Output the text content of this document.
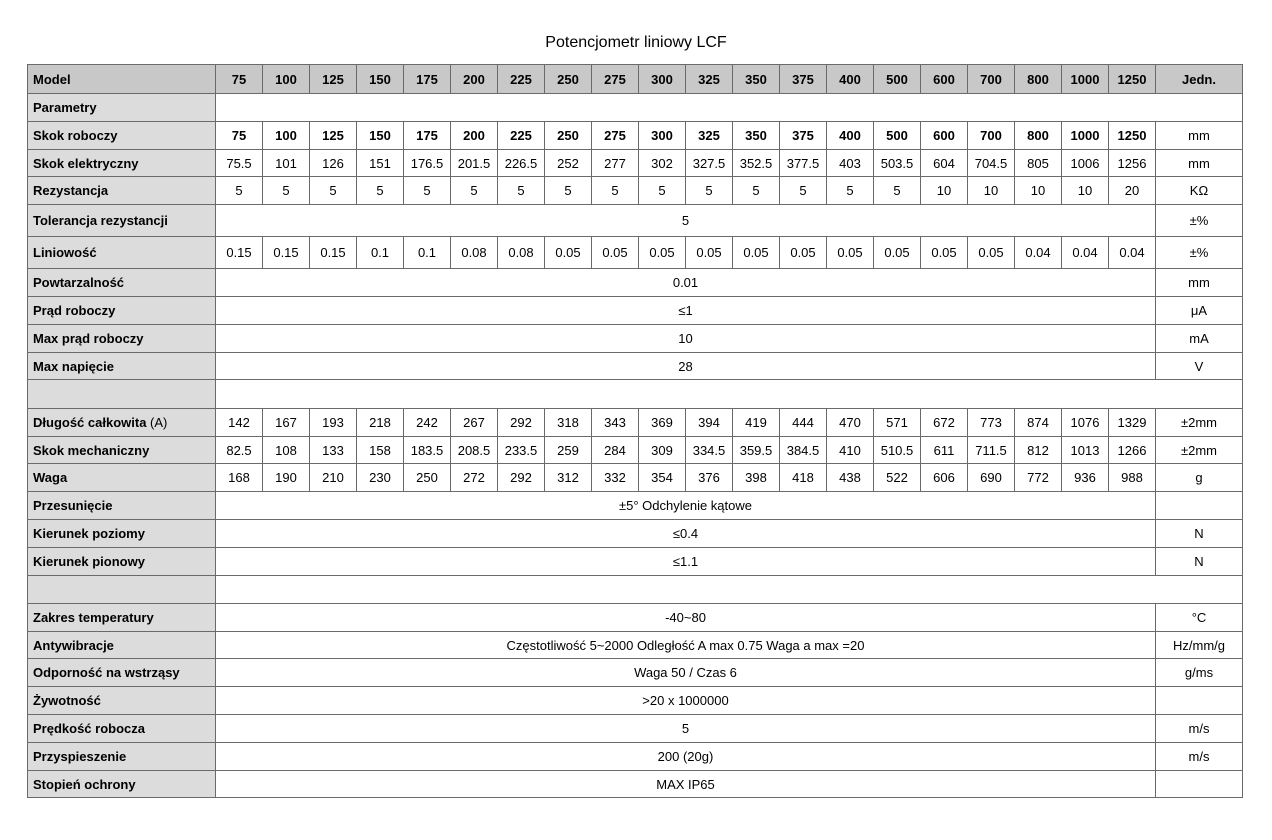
Potencjometr liniowy LCF
Model	75	100	125	150	175	200	225	250	275	300	325	350	375	400	500	600	700	800	1000	1250	Jedn.
Parametry																					
Skok roboczy	75	100	125	150	175	200	225	250	275	300	325	350	375	400	500	600	700	800	1000	1250	mm
Skok elektryczny	75.5	101	126	151	176.5	201.5	226.5	252	277	302	327.5	352.5	377.5	403	503.5	604	704.5	805	1006	1256	mm
Rezystancja	5	5	5	5	5	5	5	5	5	5	5	5	5	5	5	10	10	10	10	20	KΩ
Tolerancja rezystancji	5																				±%
Liniowość	0.15	0.15	0.15	0.1	0.1	0.08	0.08	0.05	0.05	0.05	0.05	0.05	0.05	0.05	0.05	0.05	0.05	0.04	0.04	0.04	±%
Powtarzalność	0.01																				mm
Prąd roboczy	≤1																				μA
Max prąd roboczy	10																				mA
Max napięcie	28																				V

Długość całkowita (A)	142	167	193	218	242	267	292	318	343	369	394	419	444	470	571	672	773	874	1076	1329	±2mm
Skok mechaniczny	82.5	108	133	158	183.5	208.5	233.5	259	284	309	334.5	359.5	384.5	410	510.5	611	711.5	812	1013	1266	±2mm
Waga	168	190	210	230	250	272	292	312	332	354	376	398	418	438	522	606	690	772	936	988	g
Przesunięcie	±5° Odchylenie kątowe																				
Kierunek poziomy	≤0.4																				N
Kierunek pionowy	≤1.1																				N

Zakres temperatury	-40~80																				°C
Antywibracje	Częstotliwość 5~2000 Odległość A max 0.75 Waga a max =20																				Hz/mm/g
Odporność na wstrząsy	Waga 50 / Czas 6																				g/ms
Żywotność	>20 x 1000000																				
Prędkość robocza	5																				m/s
Przyspieszenie	200 (20g)																				m/s
Stopień ochrony	MAX IP65																				
